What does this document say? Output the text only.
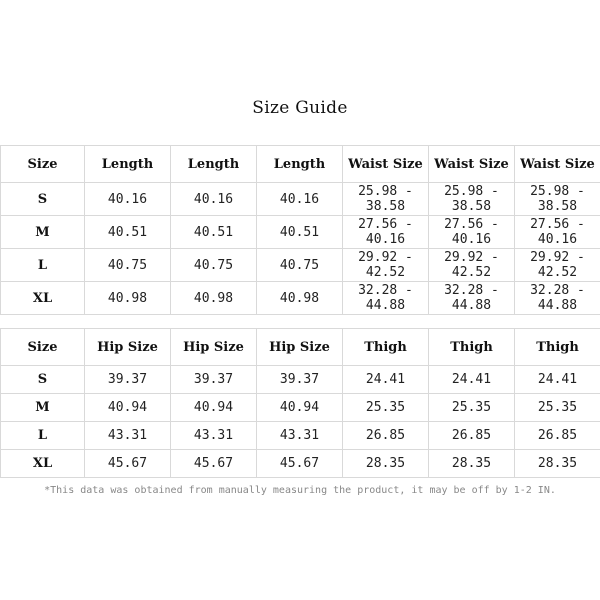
Size Guide
Size	Length	Length	Length	Waist Size	Waist Size	Waist Size
S	40.16	40.16	40.16	25.98 - 38.58	25.98 - 38.58	25.98 - 38.58
M	40.51	40.51	40.51	27.56 - 40.16	27.56 - 40.16	27.56 - 40.16
L	40.75	40.75	40.75	29.92 - 42.52	29.92 - 42.52	29.92 - 42.52
XL	40.98	40.98	40.98	32.28 - 44.88	32.28 - 44.88	32.28 - 44.88
Size	Hip Size	Hip Size	Hip Size	Thigh	Thigh	Thigh
S	39.37	39.37	39.37	24.41	24.41	24.41
M	40.94	40.94	40.94	25.35	25.35	25.35
L	43.31	43.31	43.31	26.85	26.85	26.85
XL	45.67	45.67	45.67	28.35	28.35	28.35
*This data was obtained from manually measuring the product, it may be off by 1-2 IN.
